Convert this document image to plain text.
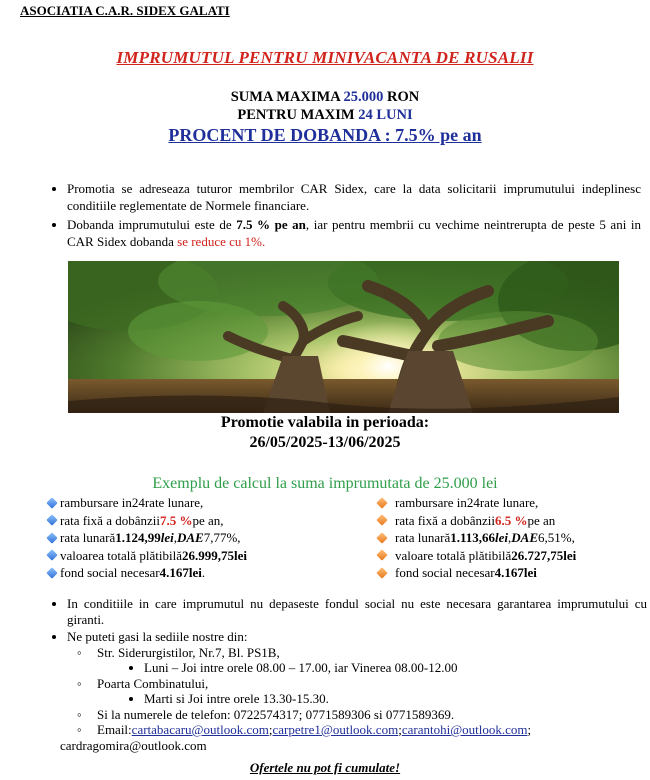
ASOCIATIA C.A.R. SIDEX GALATI
IMPRUMUTUL PENTRU MINIVACANTA DE RUSALII
SUMA MAXIMA 25.000 RON
PENTRU MAXIM 24 LUNI
PROCENT DE DOBANDA : 7.5% pe an
• Promotia se adreseaza tuturor membrilor CAR Sidex, care la data solicitarii imprumutului indeplinesc conditiile reglementate de Normele financiare.
• Dobanda imprumutului este de 7.5 % pe an, iar pentru membrii cu vechime neintrerupta de peste 5 ani in CAR Sidex dobanda se reduce cu 1%.
Promotie valabila in perioada:
26/05/2025-13/06/2025
Exemplu de calcul la suma imprumutata de 25.000 lei
rambursare in 24 rate lunare,
rata fixă a dobânzii 7.5 % pe an,
rata lunară 1.124,99 lei , DAE 7,77%,
valoarea totală plătibilă 26.999,75 lei
fond social necesar 4.167 lei .
rambursare in 24 rate lunare,
rata fixă a dobânzii 6.5 % pe an
rata lunară 1.113,66 lei , DAE 6,51%,
valoare totală plătibilă 26.727,75 lei
fond social necesar 4.167 lei
• In conditiile in care imprumutul nu depaseste fondul social nu este necesara garantarea imprumutului cu giranti.
• Ne puteti gasi la sediile nostre din:
◦ Str. Siderurgistilor, Nr.7, Bl. PS1B,
• Luni – Joi intre orele 08.00 – 17.00, iar Vinerea 08.00-12.00
◦ Poarta Combinatului,
• Marti si Joi intre orele 13.30-15.30.
◦ Si la numerele de telefon: 0722574317; 0771589306 si 0771589369.
◦ Email:cartabacaru@outlook.com;carpetre1@outlook.com;carantohi@outlook.com;
cardragomira@outlook.com
Ofertele nu pot fi cumulate!
